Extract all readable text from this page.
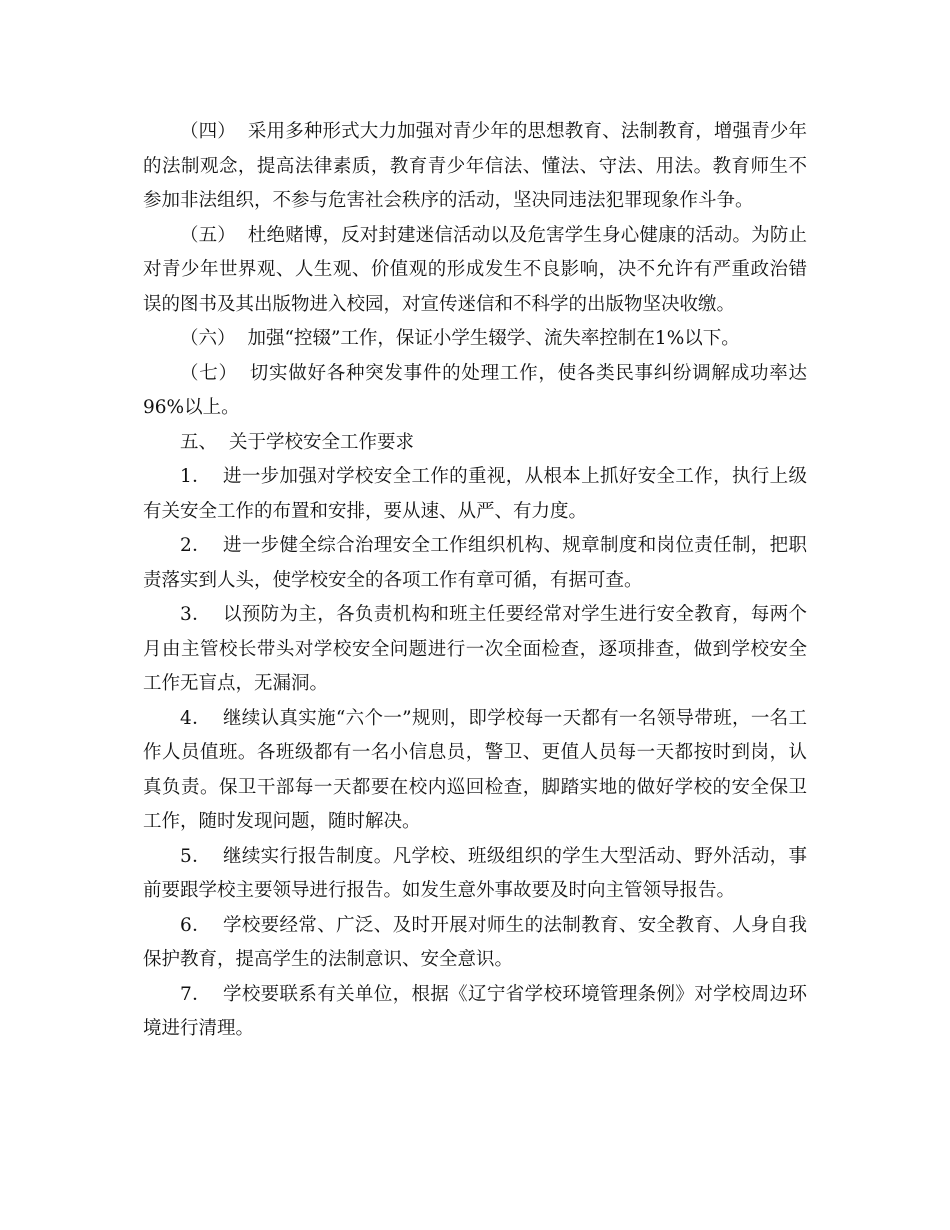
（四） 采用多种形式大力加强对青少年的思想教育、法制教育，增强青少年的法制观念，提高法律素质，教育青少年信法、懂法、守法、用法。教育师生不参加非法组织，不参与危害社会秩序的活动，坚决同违法犯罪现象作斗争。

（五） 杜绝赌博，反对封建迷信活动以及危害学生身心健康的活动。为防止对青少年世界观、人生观、价值观的形成发生不良影响，决不允许有严重政治错误的图书及其出版物进入校园，对宣传迷信和不科学的出版物坚决收缴。

（六） 加强“控辍”工作，保证小学生辍学、流失率控制在1%以下。

（七） 切实做好各种突发事件的处理工作，使各类民事纠纷调解成功率达96%以上。

五、 关于学校安全工作要求

1． 进一步加强对学校安全工作的重视，从根本上抓好安全工作，执行上级有关安全工作的布置和安排，要从速、从严、有力度。

2． 进一步健全综合治理安全工作组织机构、规章制度和岗位责任制，把职责落实到人头，使学校安全的各项工作有章可循，有据可查。

3． 以预防为主，各负责机构和班主任要经常对学生进行安全教育，每两个月由主管校长带头对学校安全问题进行一次全面检查，逐项排查，做到学校安全工作无盲点，无漏洞。

4． 继续认真实施“六个一”规则，即学校每一天都有一名领导带班，一名工作人员值班。各班级都有一名小信息员，警卫、更值人员每一天都按时到岗，认真负责。保卫干部每一天都要在校内巡回检查，脚踏实地的做好学校的安全保卫工作，随时发现问题，随时解决。

5． 继续实行报告制度。凡学校、班级组织的学生大型活动、野外活动，事前要跟学校主要领导进行报告。如发生意外事故要及时向主管领导报告。

6． 学校要经常、广泛、及时开展对师生的法制教育、安全教育、人身自我保护教育，提高学生的法制意识、安全意识。

7． 学校要联系有关单位，根据《辽宁省学校环境管理条例》对学校周边环境进行清理。
